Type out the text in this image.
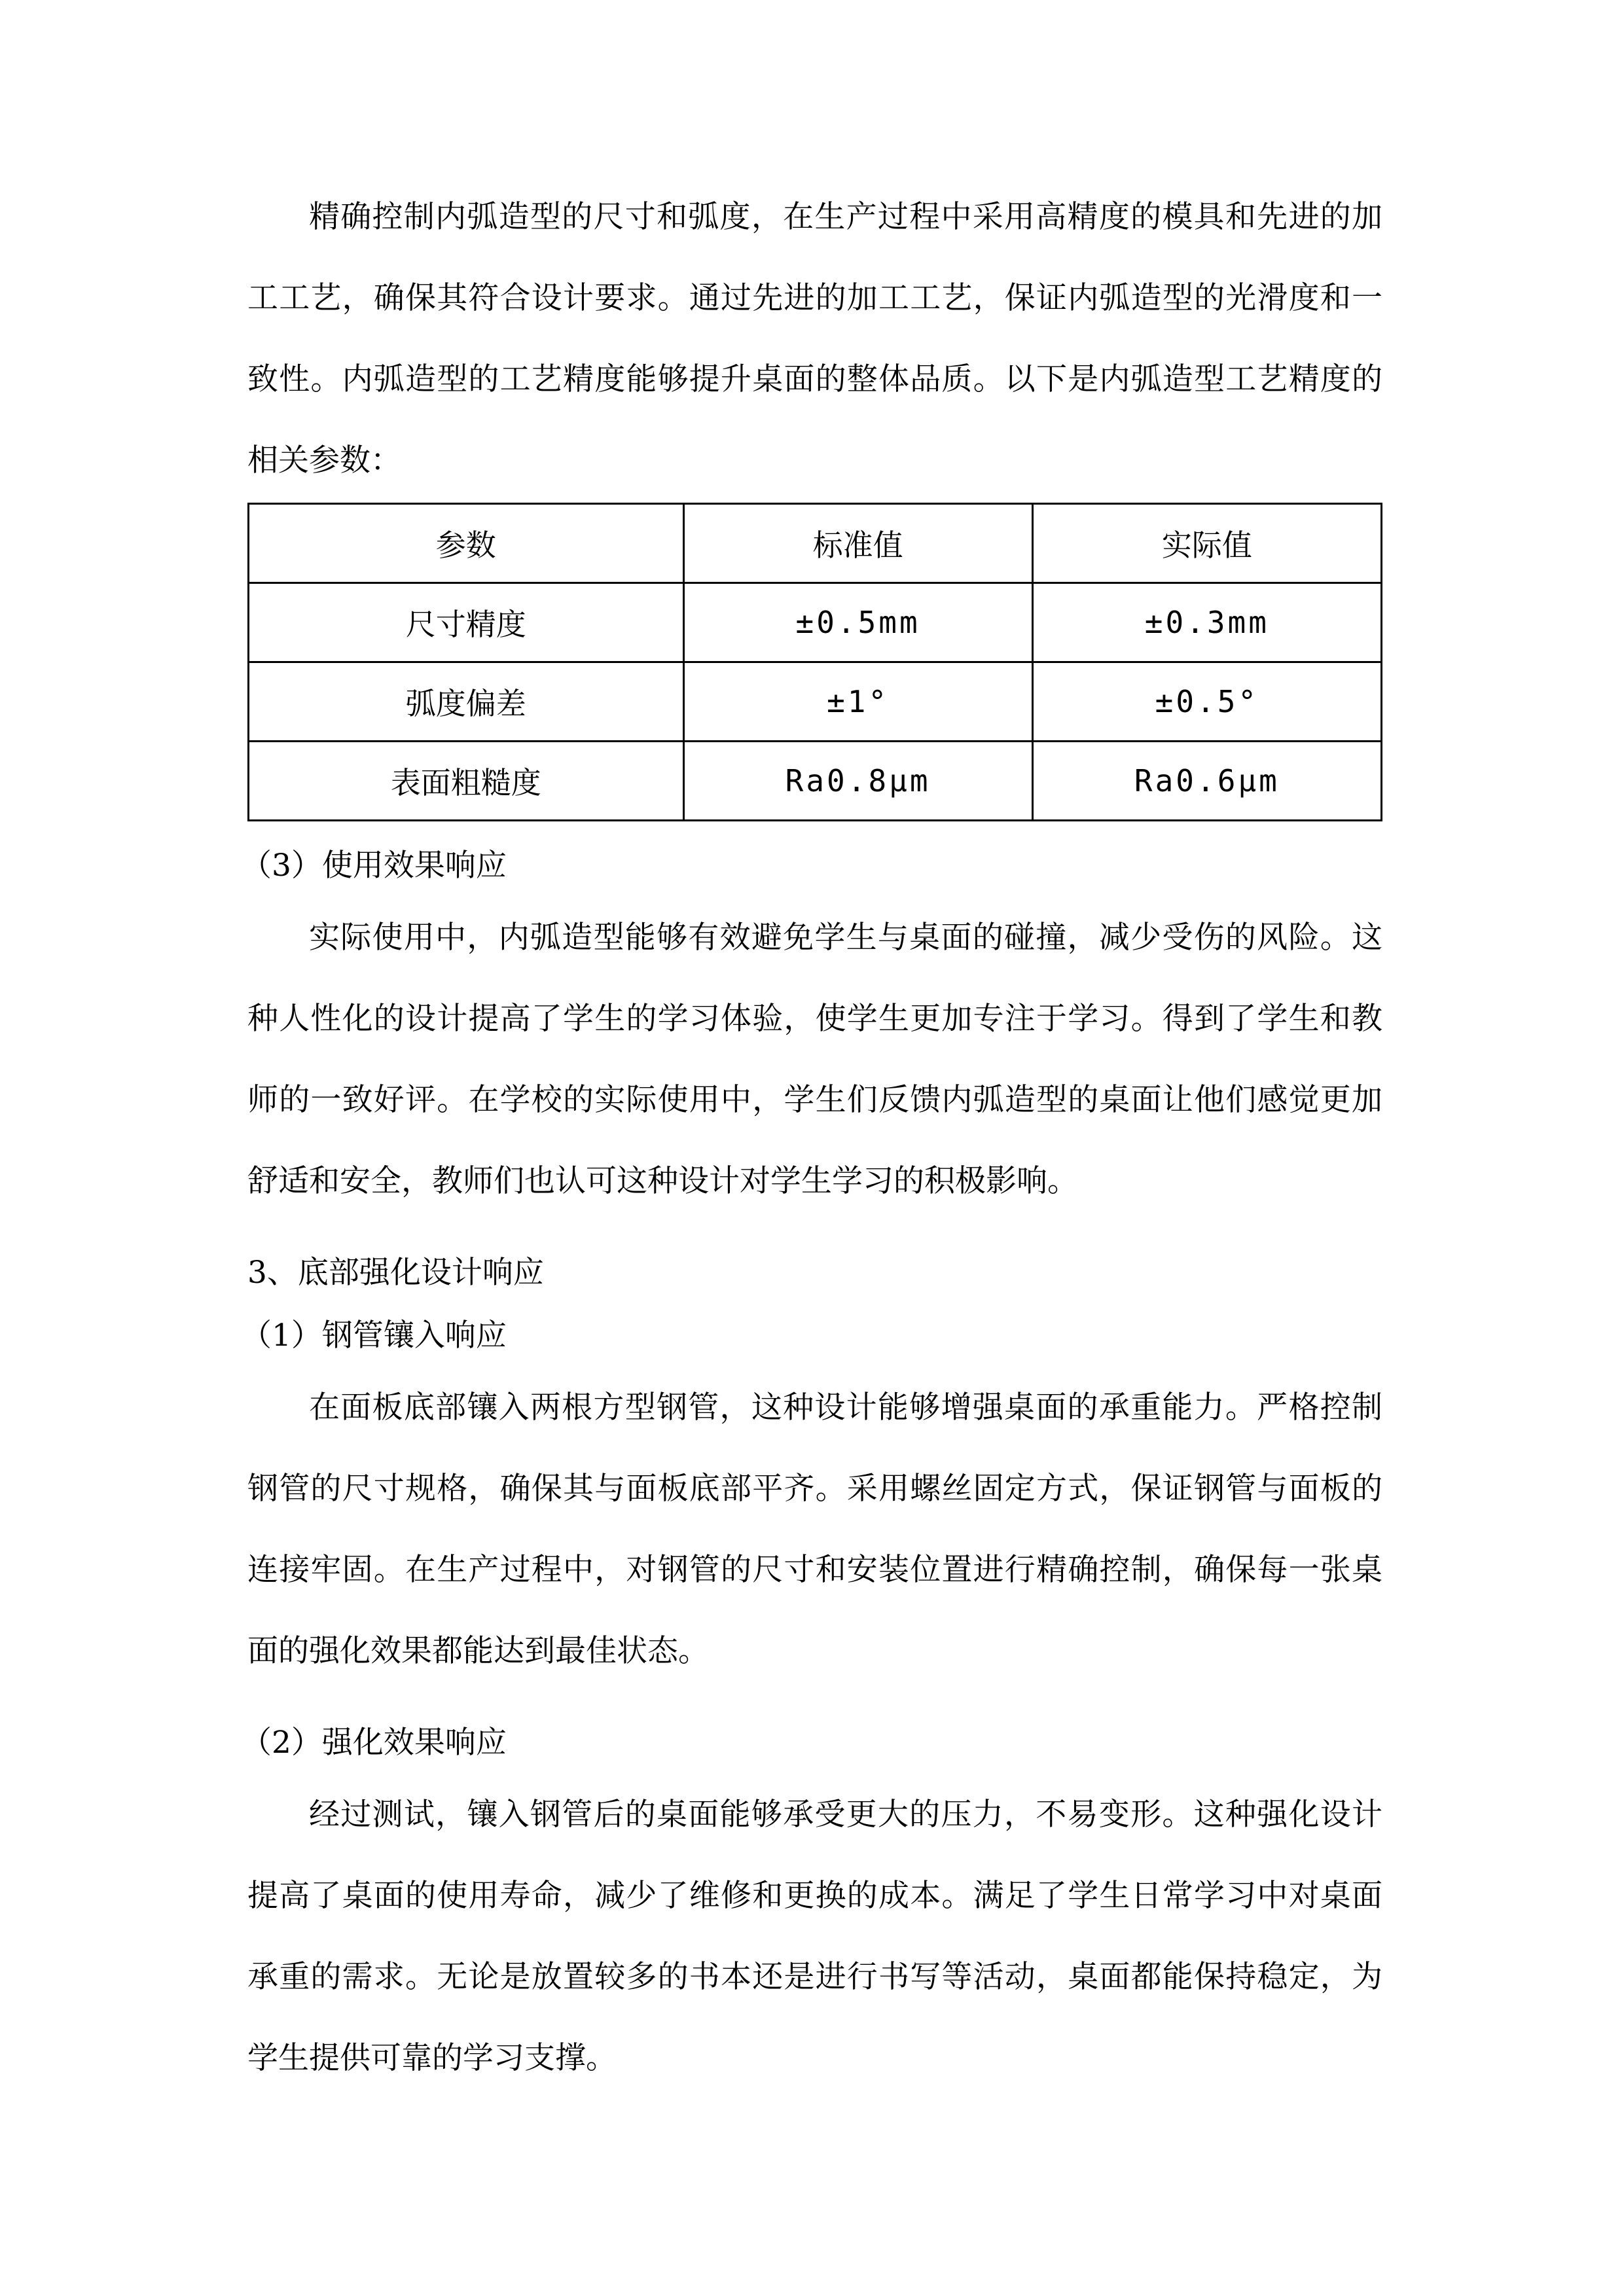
精确控制内弧造型的尺寸和弧度，在生产过程中采用高精度的模具和先进的加工工艺，确保其符合设计要求。通过先进的加工工艺，保证内弧造型的光滑度和一致性。内弧造型的工艺精度能够提升桌面的整体品质。以下是内弧造型工艺精度的相关参数：

参数	标准值	实际值
尺寸精度	±0.5mm	±0.3mm
弧度偏差	±1°	±0.5°
表面粗糙度	Ra0.8μm	Ra0.6μm

（3）使用效果响应

实际使用中，内弧造型能够有效避免学生与桌面的碰撞，减少受伤的风险。这种人性化的设计提高了学生的学习体验，使学生更加专注于学习。得到了学生和教师的一致好评。在学校的实际使用中，学生们反馈内弧造型的桌面让他们感觉更加舒适和安全，教师们也认可这种设计对学生学习的积极影响。

3、底部强化设计响应

（1）钢管镶入响应

在面板底部镶入两根方型钢管，这种设计能够增强桌面的承重能力。严格控制钢管的尺寸规格，确保其与面板底部平齐。采用螺丝固定方式，保证钢管与面板的连接牢固。在生产过程中，对钢管的尺寸和安装位置进行精确控制，确保每一张桌面的强化效果都能达到最佳状态。

（2）强化效果响应

经过测试，镶入钢管后的桌面能够承受更大的压力，不易变形。这种强化设计提高了桌面的使用寿命，减少了维修和更换的成本。满足了学生日常学习中对桌面承重的需求。无论是放置较多的书本还是进行书写等活动，桌面都能保持稳定，为学生提供可靠的学习支撑。
